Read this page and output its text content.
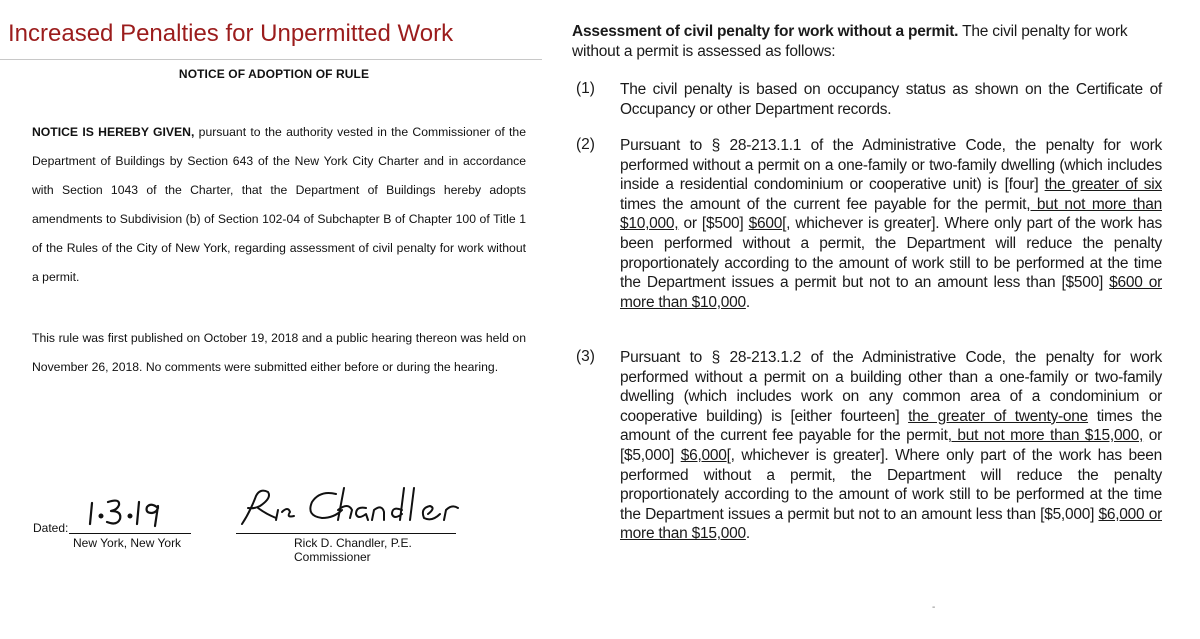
Increased Penalties for Unpermitted Work
NOTICE OF ADOPTION OF RULE

NOTICE IS HEREBY GIVEN, pursuant to the authority vested in the Commissioner of the Department of Buildings by Section 643 of the New York City Charter and in accordance with Section 1043 of the Charter, that the Department of Buildings hereby adopts amendments to Subdivision (b) of Section 102-04 of Subchapter B of Chapter 100 of Title 1 of the Rules of the City of New York, regarding assessment of civil penalty for work without a permit.

This rule was first published on October 19, 2018 and a public hearing thereon was held on November 26, 2018. No comments were submitted either before or during the hearing.

1.3.19
Dated:
New York, New York	Rick D. Chandler, P.E.
Commissioner

Assessment of civil penalty for work without a permit. The civil penalty for work without a permit is assessed as follows:

(1) The civil penalty is based on occupancy status as shown on the Certificate of Occupancy or other Department records.

(2) Pursuant to § 28-213.1.1 of the Administrative Code, the penalty for work performed without a permit on a one-family or two-family dwelling (which includes inside a residential condominium or cooperative unit) is [four] the greater of six times the amount of the current fee payable for the permit, but not more than $10,000, or [$500] $600[, whichever is greater]. Where only part of the work has been performed without a permit, the Department will reduce the penalty proportionately according to the amount of work still to be performed at the time the Department issues a permit but not to an amount less than [$500] $600 or more than $10,000.

(3) Pursuant to § 28-213.1.2 of the Administrative Code, the penalty for work performed without a permit on a building other than a one-family or two-family dwelling (which includes work on any common area of a condominium or cooperative building) is [either fourteen] the greater of twenty-one times the amount of the current fee payable for the permit, but not more than $15,000, or [$5,000] $6,000[, whichever is greater]. Where only part of the work has been performed without a permit, the Department will reduce the penalty proportionately according to the amount of work still to be performed at the time the Department issues a permit but not to an amount less than [$5,000] $6,000 or more than $15,000.

-
